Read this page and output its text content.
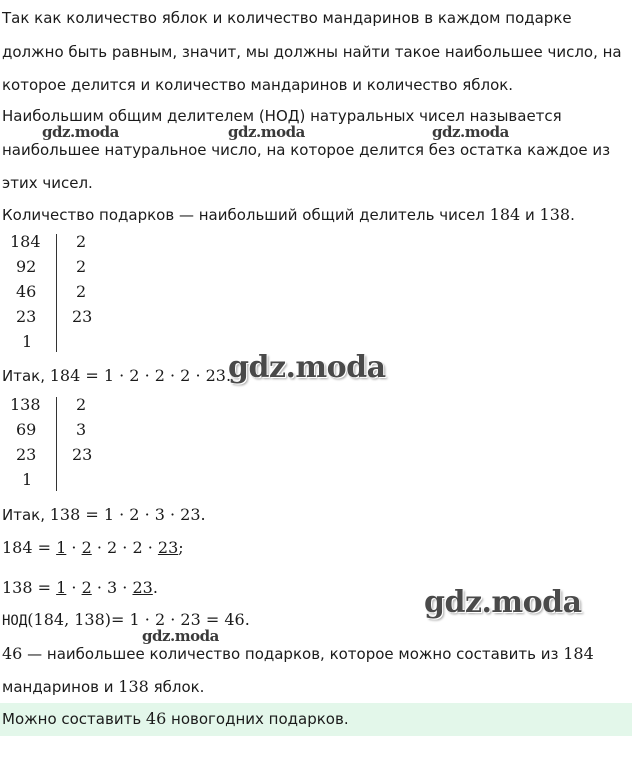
Так как количество яблок и количество мандаринов в каждом подарке
должно быть равным, значит, мы должны найти такое наибольшее число, на
которое делится и количество мандаринов и количество яблок.
Наибольшим общим делителем (НОД) натуральных чисел называется
наибольшее натуральное число, на которое делится без остатка каждое из
этих чисел.
Количество подарков — наибольший общий делитель чисел 184 и 138.
184
92
46
23
1
2
2
2
23
Итак, 184 = 1 · 2 · 2 · 2 · 23.
138
69
23
1
2
3
23
Итак, 138 = 1 · 2 · 3 · 23.
184 = 1 · 2 · 2 · 2 · 23;
138 = 1 · 2 · 3 · 23.
НОД(184, 138)= 1 · 2 · 23 = 46.
46 — наибольшее количество подарков, которое можно составить из 184
мандаринов и 138 яблок.
Можно составить 46 новогодних подарков.
gdz.moda	gdz.moda	gdz.moda
gdz.moda
gdz.moda
gdz.moda
